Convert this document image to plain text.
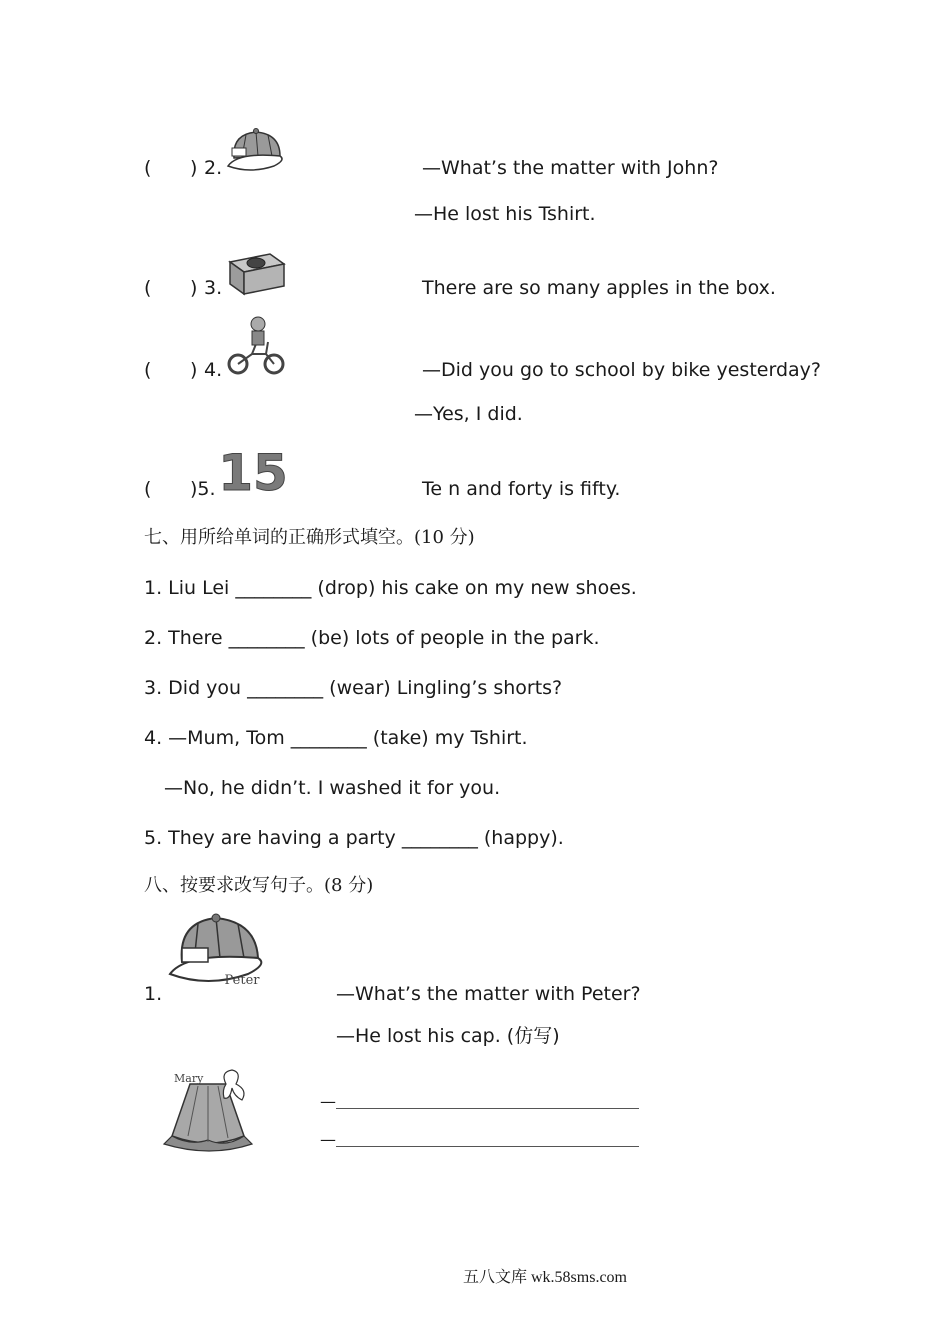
( ) 2.	—What’s the matter with John?
—He lost his Tshirt.
( ) 3.	There are so many apples in the box.
( ) 4.	—Did you go to school by bike yesterday?
—Yes, I did.
( )5. 15	Te n and forty is fifty.
七、用所给单词的正确形式填空。(10 分)
1. Liu Lei ________ (drop) his cake on my new shoes.
2. There ________ (be) lots of people in the park.
3. Did you ________ (wear) Lingling’s shorts?
4. —Mum, Tom ________ (take) my Tshirt.
—No, he didn’t. I washed it for you.
5. They are having a party ________ (happy).
八、按要求改写句子。(8 分)
1.
Peter
—What’s the matter with Peter?
—He lost his cap. (仿写)
Mary
—
—
五八文库 wk.58sms.com
